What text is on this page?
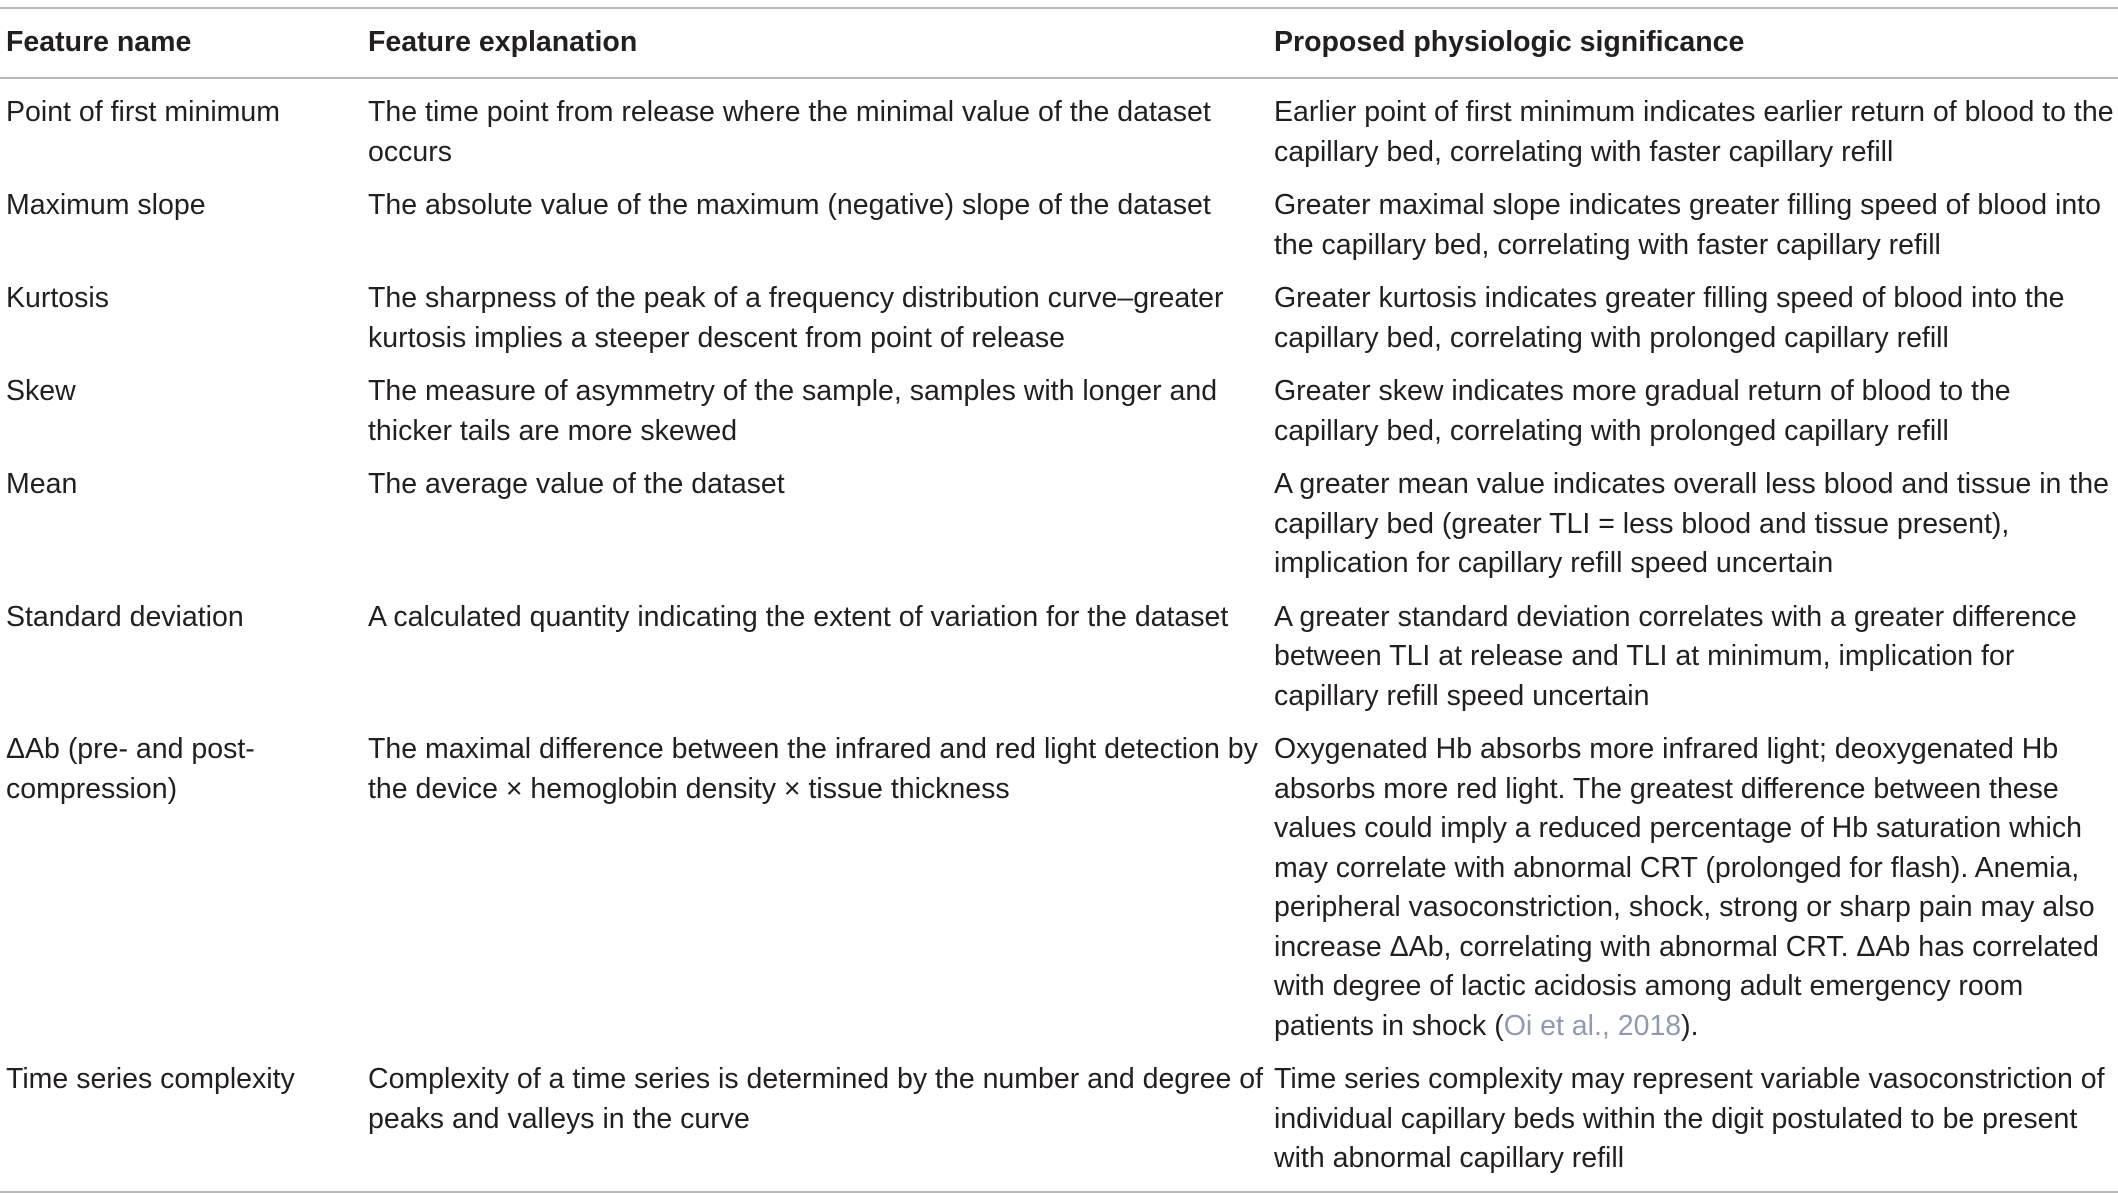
Feature name	Feature explanation	Proposed physiologic significance
Point of first minimum	The time point from release where the minimal value of the dataset occurs	Earlier point of first minimum indicates earlier return of blood to the capillary bed, correlating with faster capillary refill
Maximum slope	The absolute value of the maximum (negative) slope of the dataset	Greater maximal slope indicates greater filling speed of blood into the capillary bed, correlating with faster capillary refill
Kurtosis	The sharpness of the peak of a frequency distribution curve–greater kurtosis implies a steeper descent from point of release	Greater kurtosis indicates greater filling speed of blood into the capillary bed, correlating with prolonged capillary refill
Skew	The measure of asymmetry of the sample, samples with longer and thicker tails are more skewed	Greater skew indicates more gradual return of blood to the capillary bed, correlating with prolonged capillary refill
Mean	The average value of the dataset	A greater mean value indicates overall less blood and tissue in the capillary bed (greater TLI = less blood and tissue present), implication for capillary refill speed uncertain
Standard deviation	A calculated quantity indicating the extent of variation for the dataset	A greater standard deviation correlates with a greater difference between TLI at release and TLI at minimum, implication for capillary refill speed uncertain
ΔAb (pre- and post-compression)	The maximal difference between the infrared and red light detection by the device × hemoglobin density × tissue thickness	Oxygenated Hb absorbs more infrared light; deoxygenated Hb absorbs more red light. The greatest difference between these values could imply a reduced percentage of Hb saturation which may correlate with abnormal CRT (prolonged for flash). Anemia, peripheral vasoconstriction, shock, strong or sharp pain may also increase ΔAb, correlating with abnormal CRT. ΔAb has correlated with degree of lactic acidosis among adult emergency room patients in shock (Oi et al., 2018).
Time series complexity	Complexity of a time series is determined by the number and degree of peaks and valleys in the curve	Time series complexity may represent variable vasoconstriction of individual capillary beds within the digit postulated to be present with abnormal capillary refill
